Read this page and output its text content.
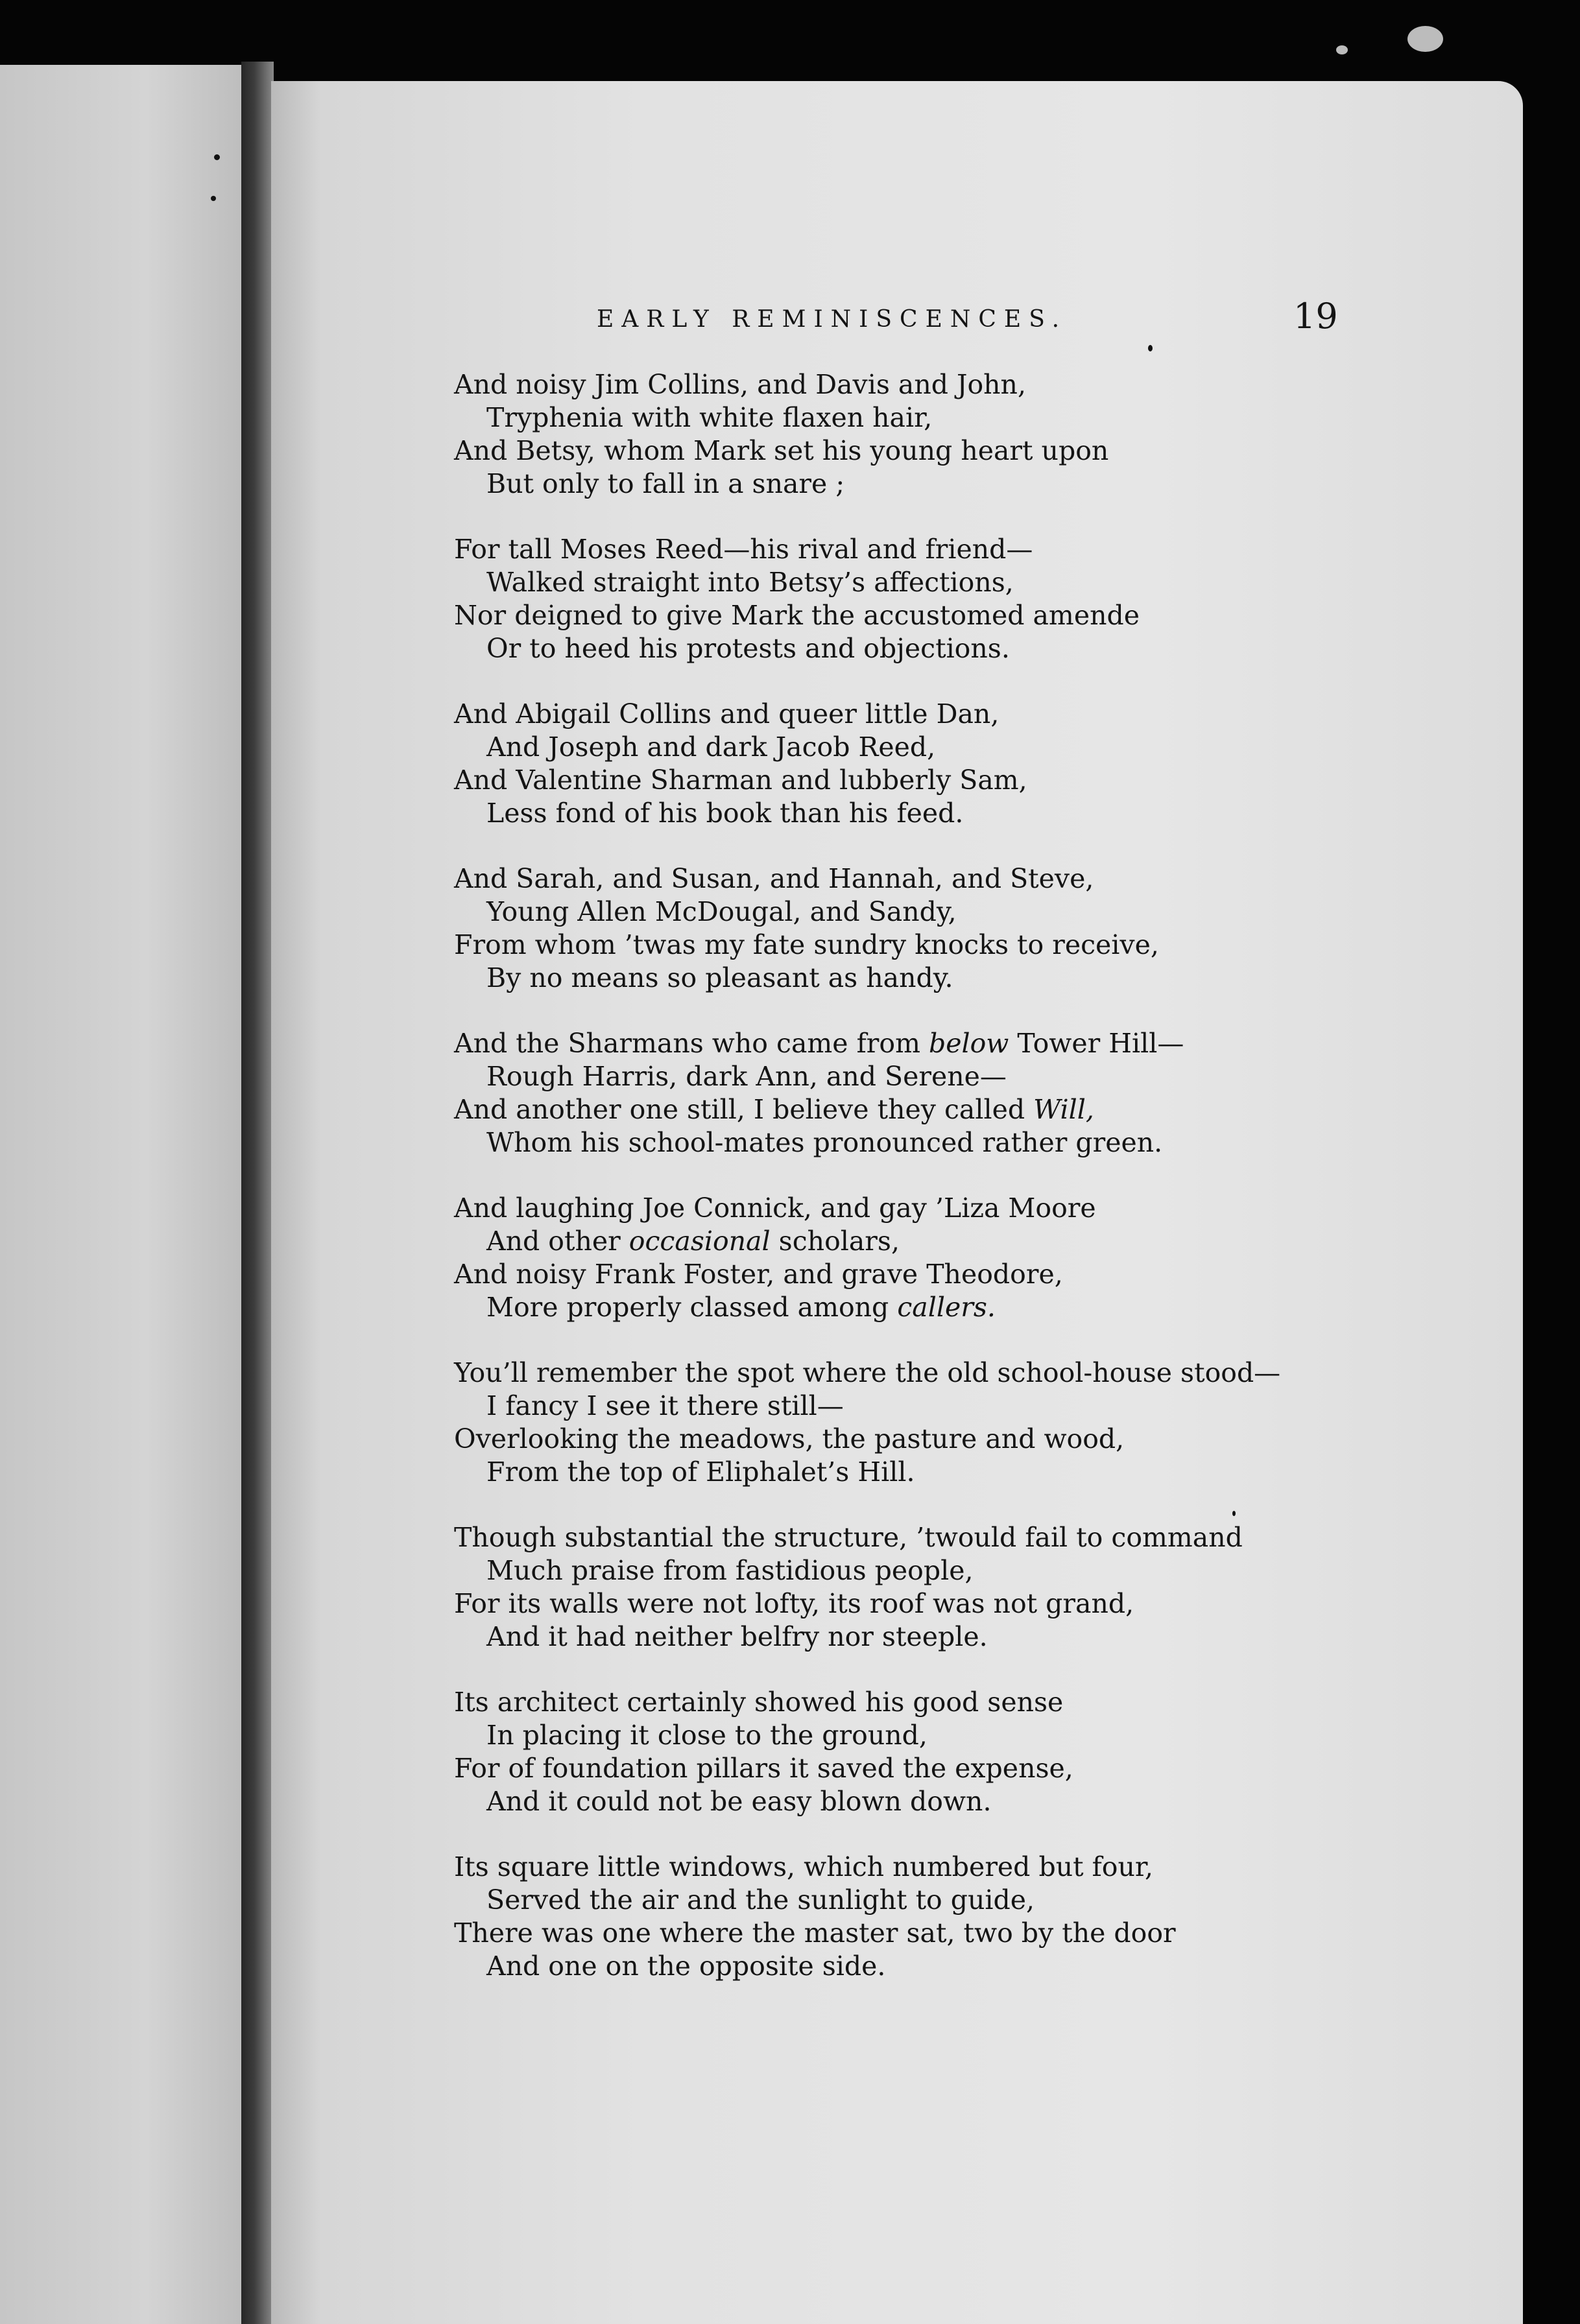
EARLY REMINISCENCES.	19
And noisy Jim Collins, and Davis and John,
Tryphenia with white flaxen hair,
And Betsy, whom Mark set his young heart upon
But only to fall in a snare ;
For tall Moses Reed—his rival and friend—
Walked straight into Betsy’s affections,
Nor deigned to give Mark the accustomed amende
Or to heed his protests and objections.
And Abigail Collins and queer little Dan,
And Joseph and dark Jacob Reed,
And Valentine Sharman and lubberly Sam,
Less fond of his book than his feed.
And Sarah, and Susan, and Hannah, and Steve,
Young Allen McDougal, and Sandy,
From whom ’twas my fate sundry knocks to receive,
By no means so pleasant as handy.
And the Sharmans who came from below Tower Hill—
Rough Harris, dark Ann, and Serene—
And another one still, I believe they called Will,
Whom his school-mates pronounced rather green.
And laughing Joe Connick, and gay ’Liza Moore
And other occasional scholars,
And noisy Frank Foster, and grave Theodore,
More properly classed among callers.
You’ll remember the spot where the old school-house stood—
I fancy I see it there still—
Overlooking the meadows, the pasture and wood,
From the top of Eliphalet’s Hill.
Though substantial the structure, ’twould fail to command
Much praise from fastidious people,
For its walls were not lofty, its roof was not grand,
And it had neither belfry nor steeple.
Its architect certainly showed his good sense
In placing it close to the ground,
For of foundation pillars it saved the expense,
And it could not be easy blown down.
Its square little windows, which numbered but four,
Served the air and the sunlight to guide,
There was one where the master sat, two by the door
And one on the opposite side.
